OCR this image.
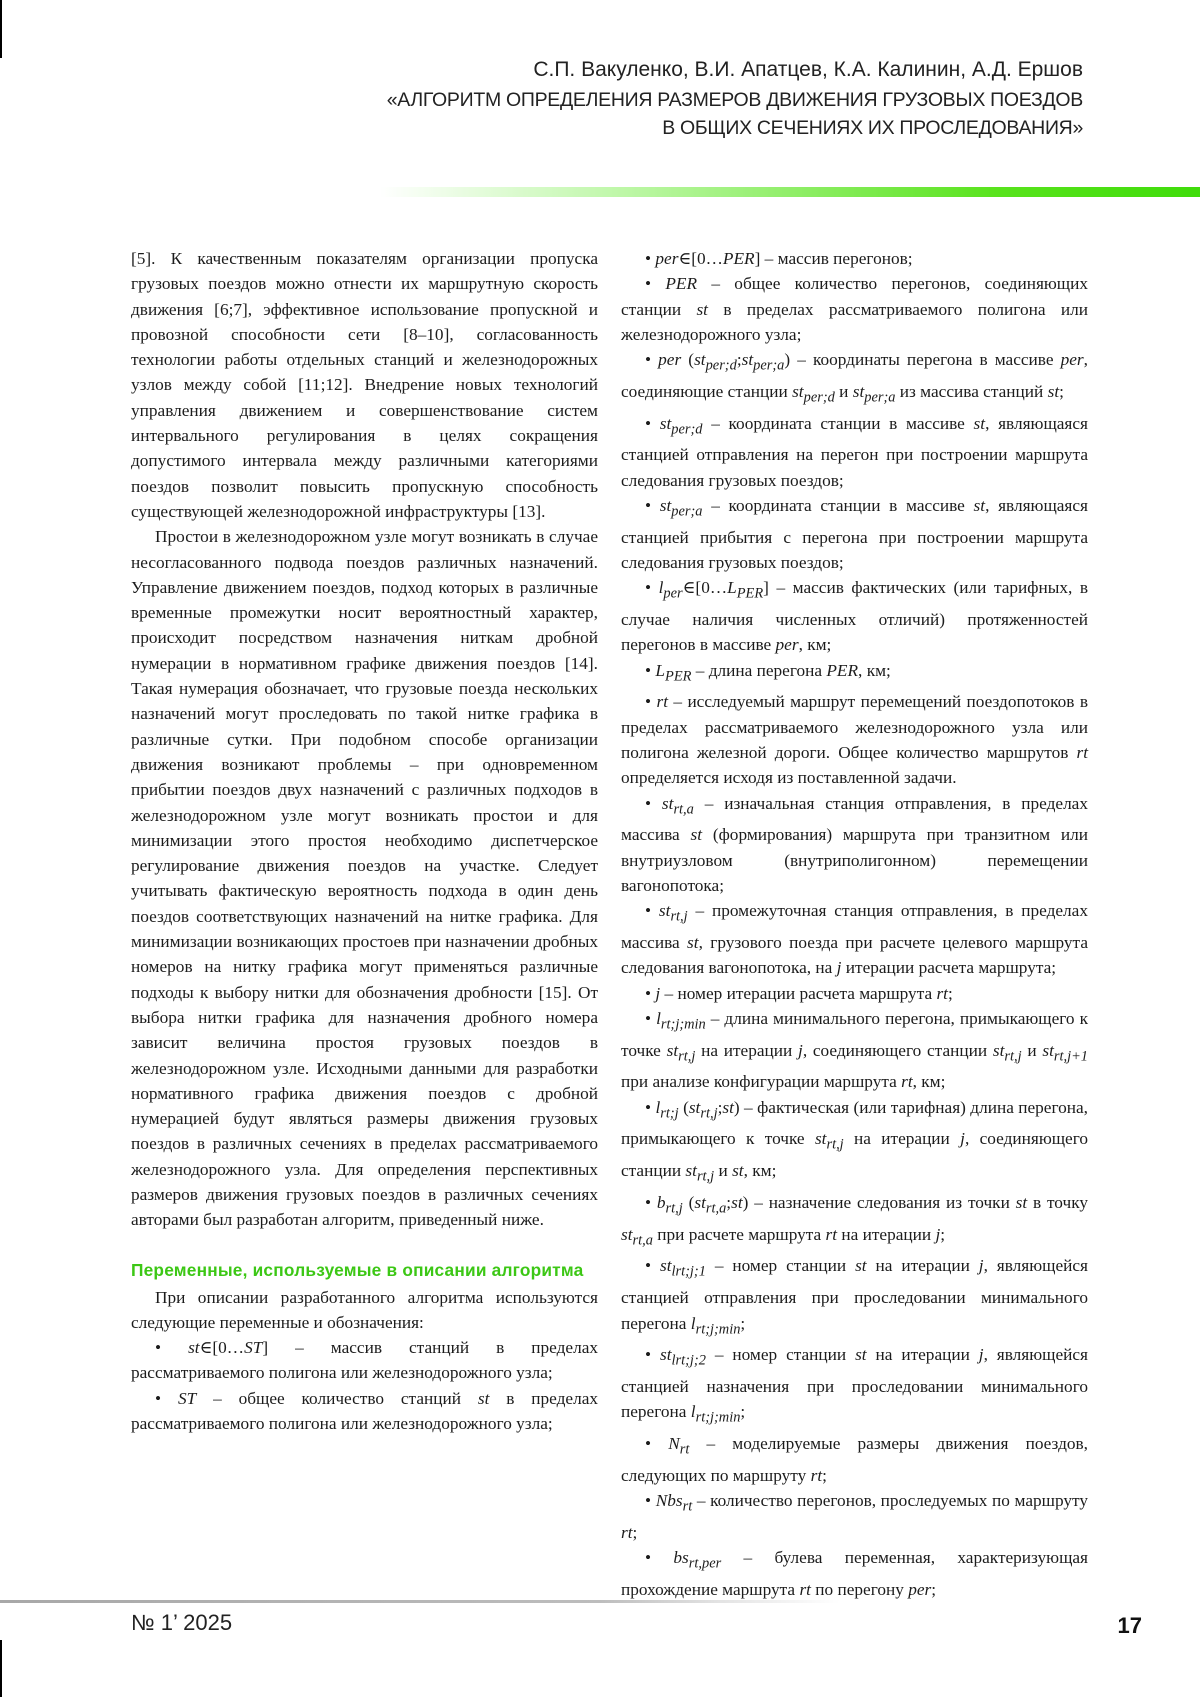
С.П. Вакуленко, В.И. Апатцев, К.А. Калинин, А.Д. Ершов
«АЛГОРИТМ ОПРЕДЕЛЕНИЯ РАЗМЕРОВ ДВИЖЕНИЯ ГРУЗОВЫХ ПОЕЗДОВ
В ОБЩИХ СЕЧЕНИЯХ ИХ ПРОСЛЕДОВАНИЯ»

[5]. К качественным показателям организации пропуска грузовых поездов можно отнести их маршрутную скорость движения [6;7], эффективное использование пропускной и провозной способности сети [8–10], согласованность технологии работы отдельных станций и железнодорожных узлов между собой [11;12]. Внедрение новых технологий управления движением и совершенствование систем интервального регулирования в целях сокращения допустимого интервала между различными категориями поездов позволит повысить пропускную способность существующей железнодорожной инфраструктуры [13].

Простои в железнодорожном узле могут возникать в случае несогласованного подвода поездов различных назначений. Управление движением поездов, подход которых в различные временные промежутки носит вероятностный характер, происходит посредством назначения ниткам дробной нумерации в нормативном графике движения поездов [14]. Такая нумерация обозначает, что грузовые поезда нескольких назначений могут проследовать по такой нитке графика в различные сутки. При подобном способе организации движения возникают проблемы – при одновременном прибытии поездов двух назначений с различных подходов в железнодорожном узле могут возникать простои и для минимизации этого простоя необходимо диспетчерское регулирование движения поездов на участке. Следует учитывать фактическую вероятность подхода в один день поездов соответствующих назначений на нитке графика. Для минимизации возникающих простоев при назначении дробных номеров на нитку графика могут применяться различные подходы к выбору нитки для обозначения дробности [15]. От выбора нитки графика для назначения дробного номера зависит величина простоя грузовых поездов в железнодорожном узле. Исходными данными для разработки нормативного графика движения поездов с дробной нумерацией будут являться размеры движения грузовых поездов в различных сечениях в пределах рассматриваемого железнодорожного узла. Для определения перспективных размеров движения грузовых поездов в различных сечениях авторами был разработан алгоритм, приведенный ниже.

Переменные, используемые в описании алгоритма

При описании разработанного алгоритма используются следующие переменные и обозначения:

• st∈[0…ST] – массив станций в пределах рассматриваемого полигона или железнодорожного узла;

• ST – общее количество станций st в пределах рассматриваемого полигона или железнодорожного узла;

• per∈[0…PER] – массив перегонов;

• PER – общее количество перегонов, соединяющих станции st в пределах рассматриваемого полигона или железнодорожного узла;

• per $(st_{per;d};st_{per;a})$ – координаты перегона в массиве per, соединяющие станции $st_{per;d}$ и $st_{per;a}$ из массива станций st;

• $st_{per;d}$ – координата станции в массиве st, являющаяся станцией отправления на перегон при построении маршрута следования грузовых поездов;

• $st_{per;a}$ – координата станции в массиве st, являющаяся станцией прибытия с перегона при построении маршрута следования грузовых поездов;

• $l_{per}\in[0\dots L_{PER}]$ – массив фактических (или тарифных, в случае наличия численных отличий) протяженностей перегонов в массиве per, км;

• $L_{PER}$ – длина перегона PER, км;

• rt – исследуемый маршрут перемещений поездопотоков в пределах рассматриваемого железнодорожного узла или полигона железной дороги. Общее количество маршрутов rt определяется исходя из поставленной задачи.

• $st_{rt,a}$ – изначальная станция отправления, в пределах массива st (формирования) маршрута при транзитном или внутриузловом (внутриполигонном) перемещении вагонопотока;

• $st_{rt,j}$ – промежуточная станция отправления, в пределах массива st, грузового поезда при расчете целевого маршрута следования вагонопотока, на j итерации расчета маршрута;

• j – номер итерации расчета маршрута rt;

• $l_{rt;j;min}$ – длина минимального перегона, примыкающего к точке $st_{rt,j}$ на итерации j, соединяющего станции $st_{rt,j}$ и $st_{rt,j+1}$ при анализе конфигурации маршрута rt, км;

• $l_{rt;j}$ $(st_{rt,j};st)$ – фактическая (или тарифная) длина перегона, примыкающего к точке $st_{rt,j}$ на итерации j, соединяющего станции $st_{rt,j}$ и st, км;

• $b_{rt,j}$ $(st_{rt,a};st)$ – назначение следования из точки st в точку $st_{rt,a}$ при расчете маршрута rt на итерации j;

• $st_{lrt;j;1}$ – номер станции st на итерации j, являющейся станцией отправления при проследовании минимального перегона $l_{rt;j;min}$;

• $st_{lrt;j;2}$ – номер станции st на итерации j, являющейся станцией назначения при проследовании минимального перегона $l_{rt;j;min}$;

• $N_{rt}$ – моделируемые размеры движения поездов, следующих по маршруту rt;

• Nbs$_{rt}$ – количество перегонов, проследуемых по маршруту rt;

• $bs_{rt,per}$ – булева переменная, характеризующая прохождение маршрута rt по перегону per;

№ 1’ 2025	17
